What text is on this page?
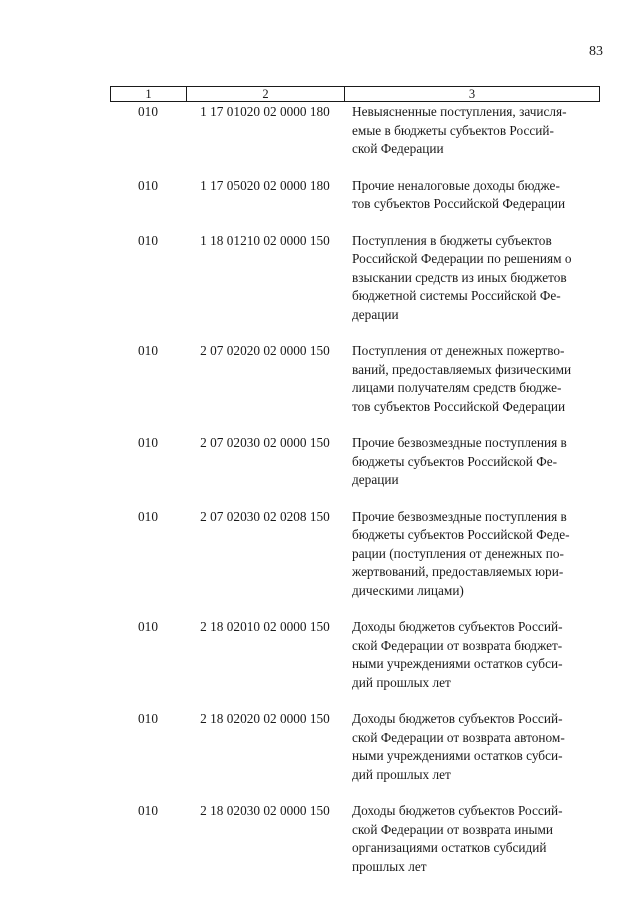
83
1	2	3
010	1 17 01020 02 0000 180	Невыясненные поступления, зачисля-
емые в бюджеты субъектов Россий-
ской Федерации
010	1 17 05020 02 0000 180	Прочие неналоговые доходы бюдже-
тов субъектов Российской Федерации
010	1 18 01210 02 0000 150	Поступления в бюджеты субъектов
Российской Федерации по решениям о
взыскании средств из иных бюджетов
бюджетной системы Российской Фе-
дерации
010	2 07 02020 02 0000 150	Поступления от денежных пожертво-
ваний, предоставляемых физическими
лицами получателям средств бюдже-
тов субъектов Российской Федерации
010	2 07 02030 02 0000 150	Прочие безвозмездные поступления в
бюджеты субъектов Российской Фе-
дерации
010	2 07 02030 02 0208 150	Прочие безвозмездные поступления в
бюджеты субъектов Российской Феде-
рации (поступления от денежных по-
жертвований, предоставляемых юри-
дическими лицами)
010	2 18 02010 02 0000 150	Доходы бюджетов субъектов Россий-
ской Федерации от возврата бюджет-
ными учреждениями остатков субси-
дий прошлых лет
010	2 18 02020 02 0000 150	Доходы бюджетов субъектов Россий-
ской Федерации от возврата автоном-
ными учреждениями остатков субси-
дий прошлых лет
010	2 18 02030 02 0000 150	Доходы бюджетов субъектов Россий-
ской Федерации от возврата иными
организациями остатков субсидий
прошлых лет
